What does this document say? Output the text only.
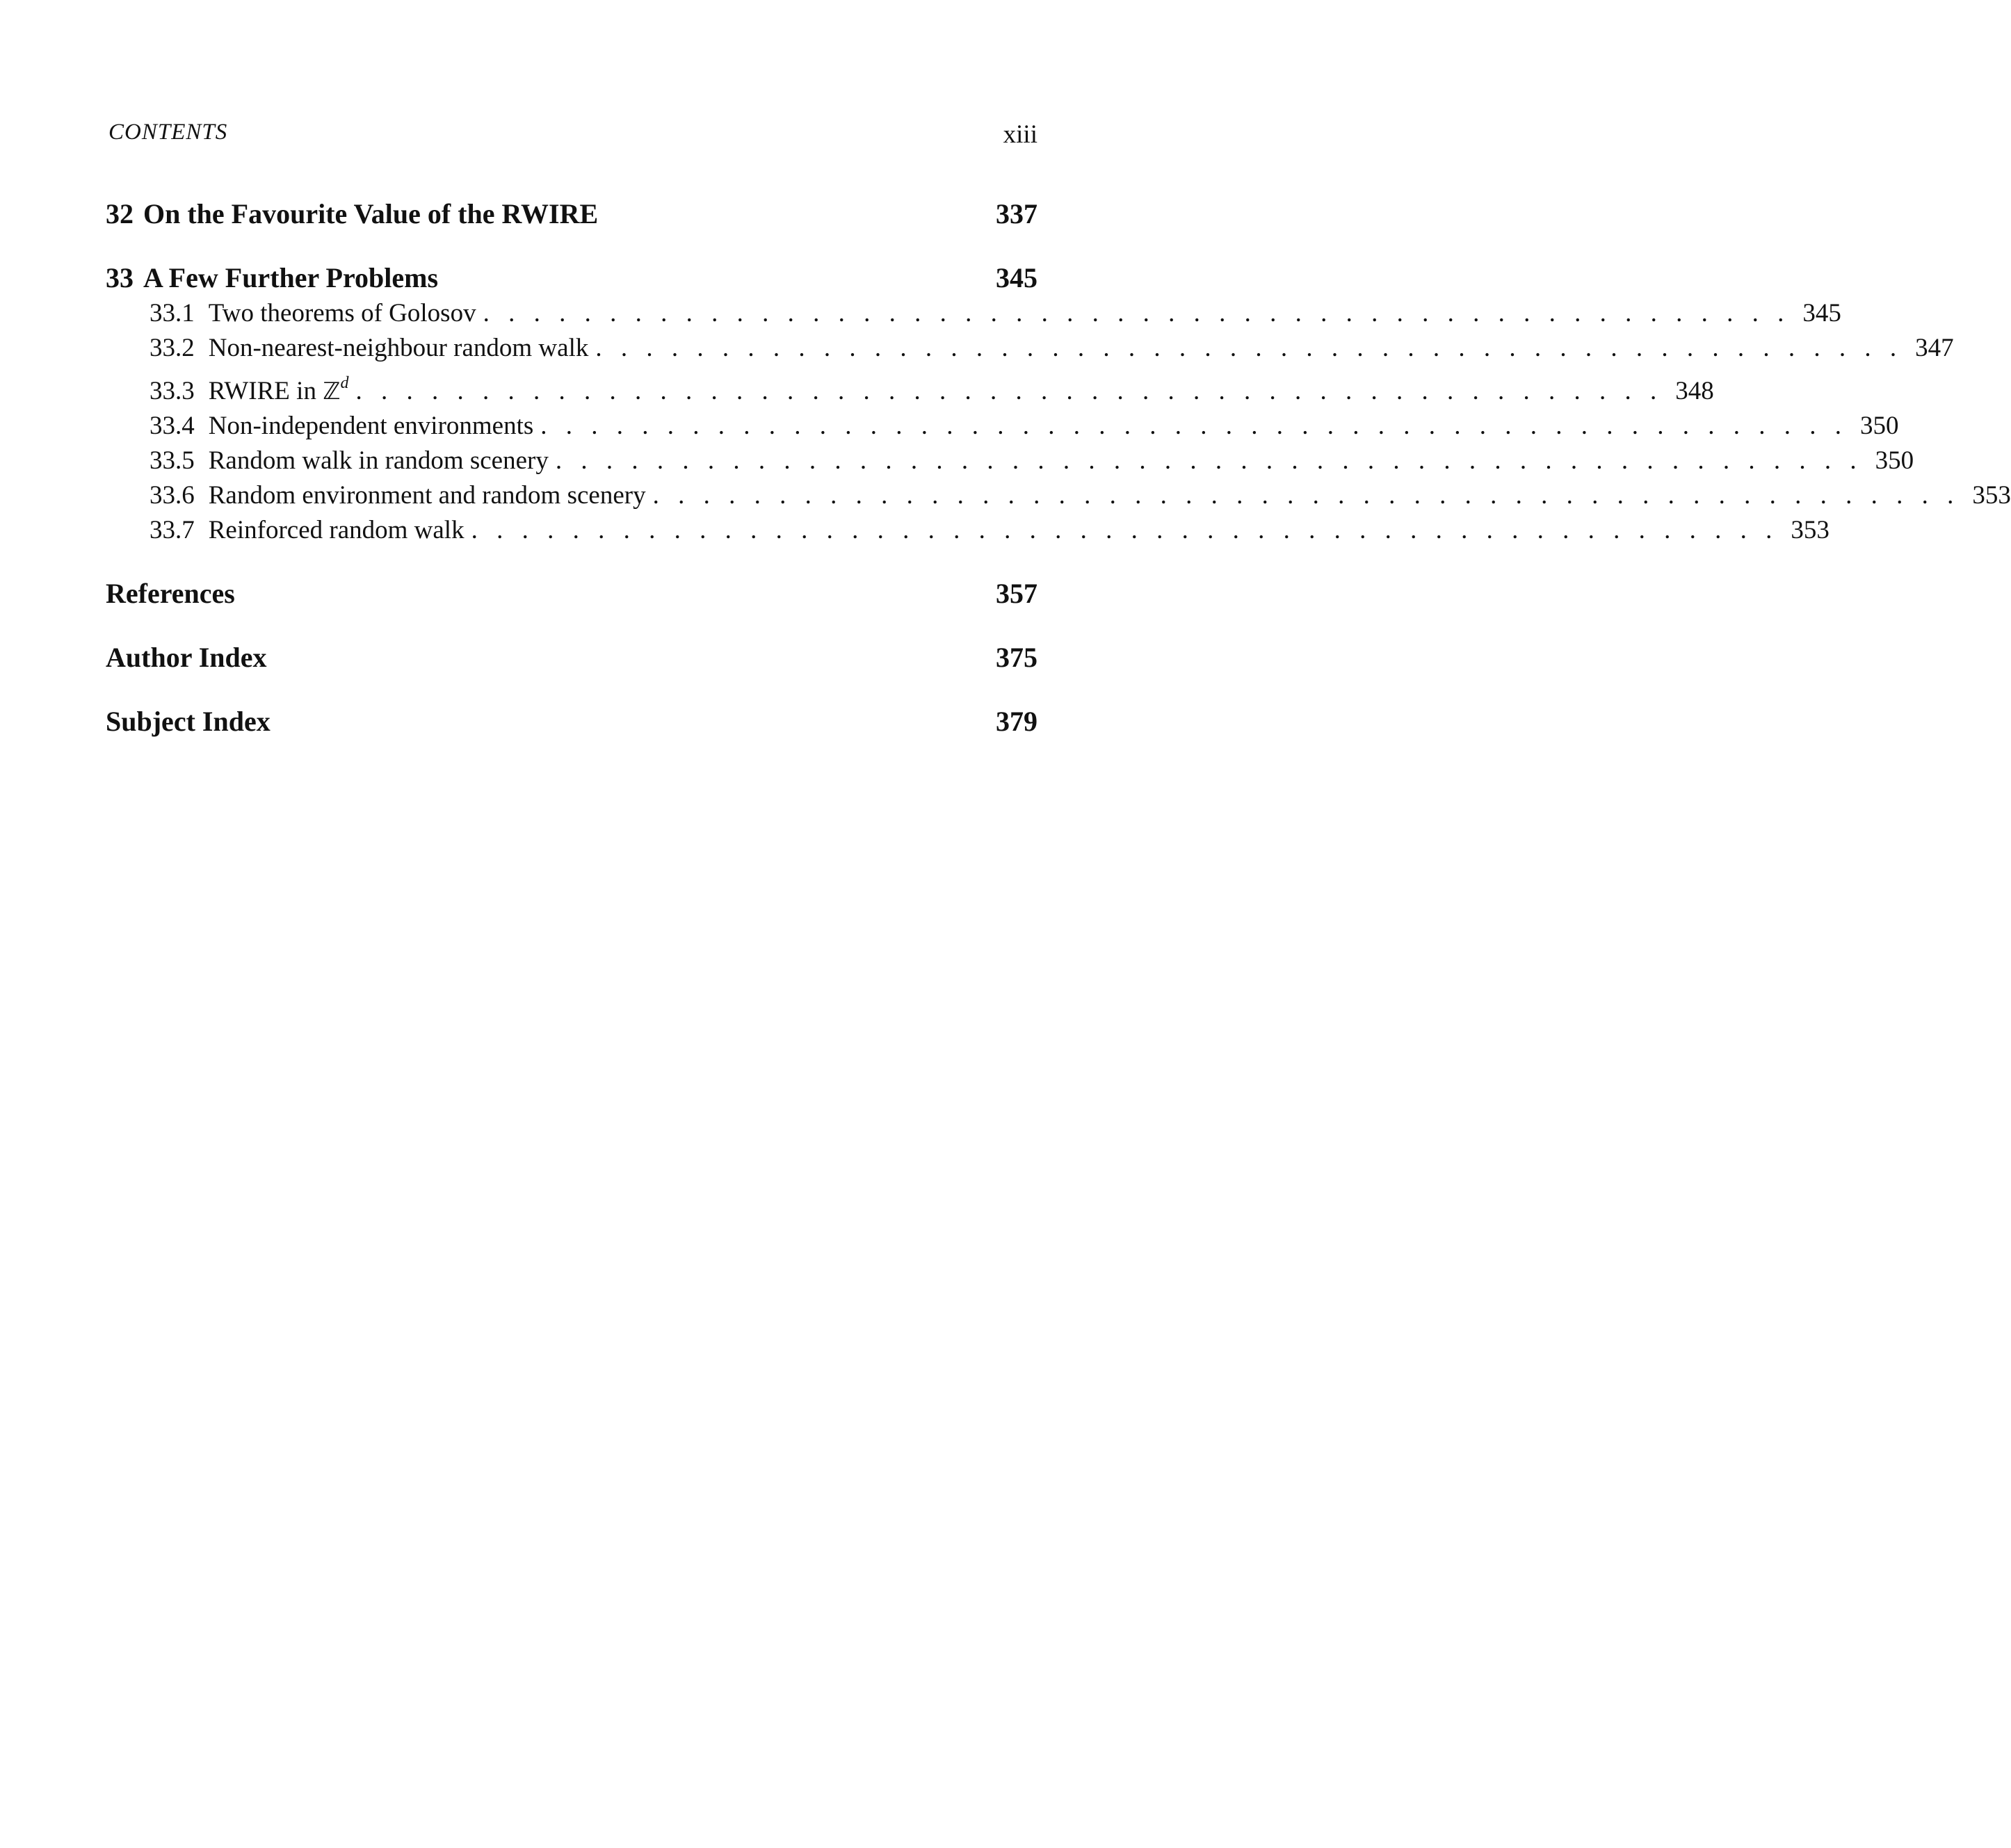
CONTENTS	xiii
32 On the Favourite Value of the RWIRE	337
33 A Few Further Problems	345
33.1 Two theorems of Golosov . . . . . . . . . . . . . . . . . . . . . . . . . . . . . . . . . . . . . . . . . . . . . . . . . . . . 345
33.2 Non-nearest-neighbour random walk . . . . . . . . . . . . . . . . . . . . . . . . . . . . . . . . . . . . . . . . . . . . . . . . . . . . 347
33.3 RWIRE in ℤ$^d$ . . . . . . . . . . . . . . . . . . . . . . . . . . . . . . . . . . . . . . . . . . . . . . . . . . . . 348
33.4 Non-independent environments . . . . . . . . . . . . . . . . . . . . . . . . . . . . . . . . . . . . . . . . . . . . . . . . . . . . 350
33.5 Random walk in random scenery . . . . . . . . . . . . . . . . . . . . . . . . . . . . . . . . . . . . . . . . . . . . . . . . . . . . 350
33.6 Random environment and random scenery . . . . . . . . . . . . . . . . . . . . . . . . . . . . . . . . . . . . . . . . . . . . . . . . . . . . 353
33.7 Reinforced random walk . . . . . . . . . . . . . . . . . . . . . . . . . . . . . . . . . . . . . . . . . . . . . . . . . . . . 353
References	357
Author Index	375
Subject Index	379
